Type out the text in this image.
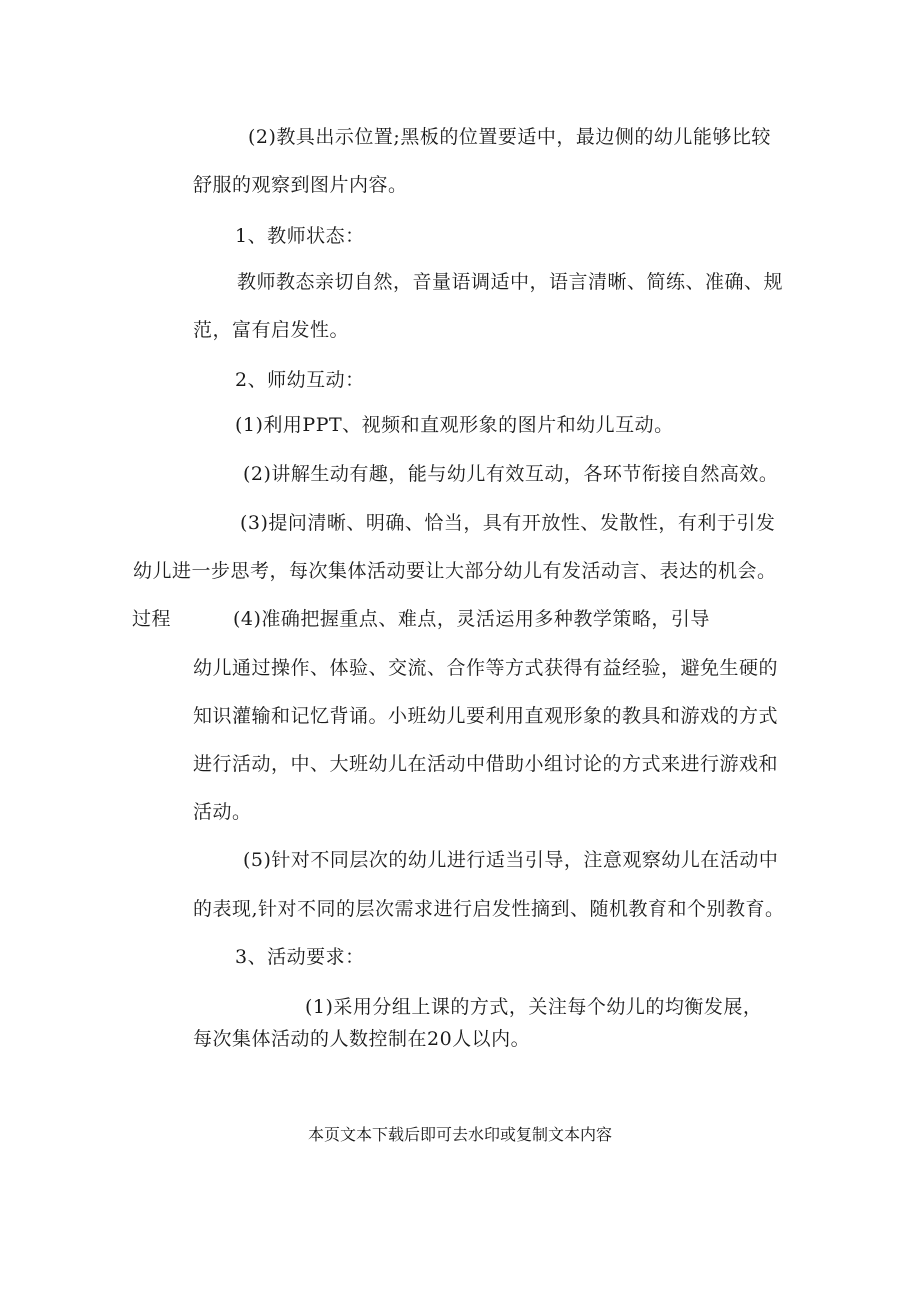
(2)教具出示位置;黑板的位置要适中，最边侧的幼儿能够比较
舒服的观察到图片内容。
1、教师状态：
教师教态亲切自然，音量语调适中，语言清晰、简练、准确、规
范，富有启发性。
2、师幼互动：
(1)利用PPT、视频和直观形象的图片和幼儿互动。
(2)讲解生动有趣，能与幼儿有效互动，各环节衔接自然高效。
(3)提问清晰、明确、恰当，具有开放性、发散性，有利于引发
幼儿进一步思考，每次集体活动要让大部分幼儿有发活动言、表达的机会。
过程	(4)准确把握重点、难点，灵活运用多种教学策略，引导
幼儿通过操作、体验、交流、合作等方式获得有益经验，避免生硬的
知识灌输和记忆背诵。小班幼儿要利用直观形象的教具和游戏的方式
进行活动，中、大班幼儿在活动中借助小组讨论的方式来进行游戏和
活动。
(5)针对不同层次的幼儿进行适当引导，注意观察幼儿在活动中
的表现,针对不同的层次需求进行启发性摘到、随机教育和个别教育。
3、活动要求：
(1)采用分组上课的方式，关注每个幼儿的均衡发展，
每次集体活动的人数控制在20人以内。
本页文本下载后即可去水印或复制文本内容
